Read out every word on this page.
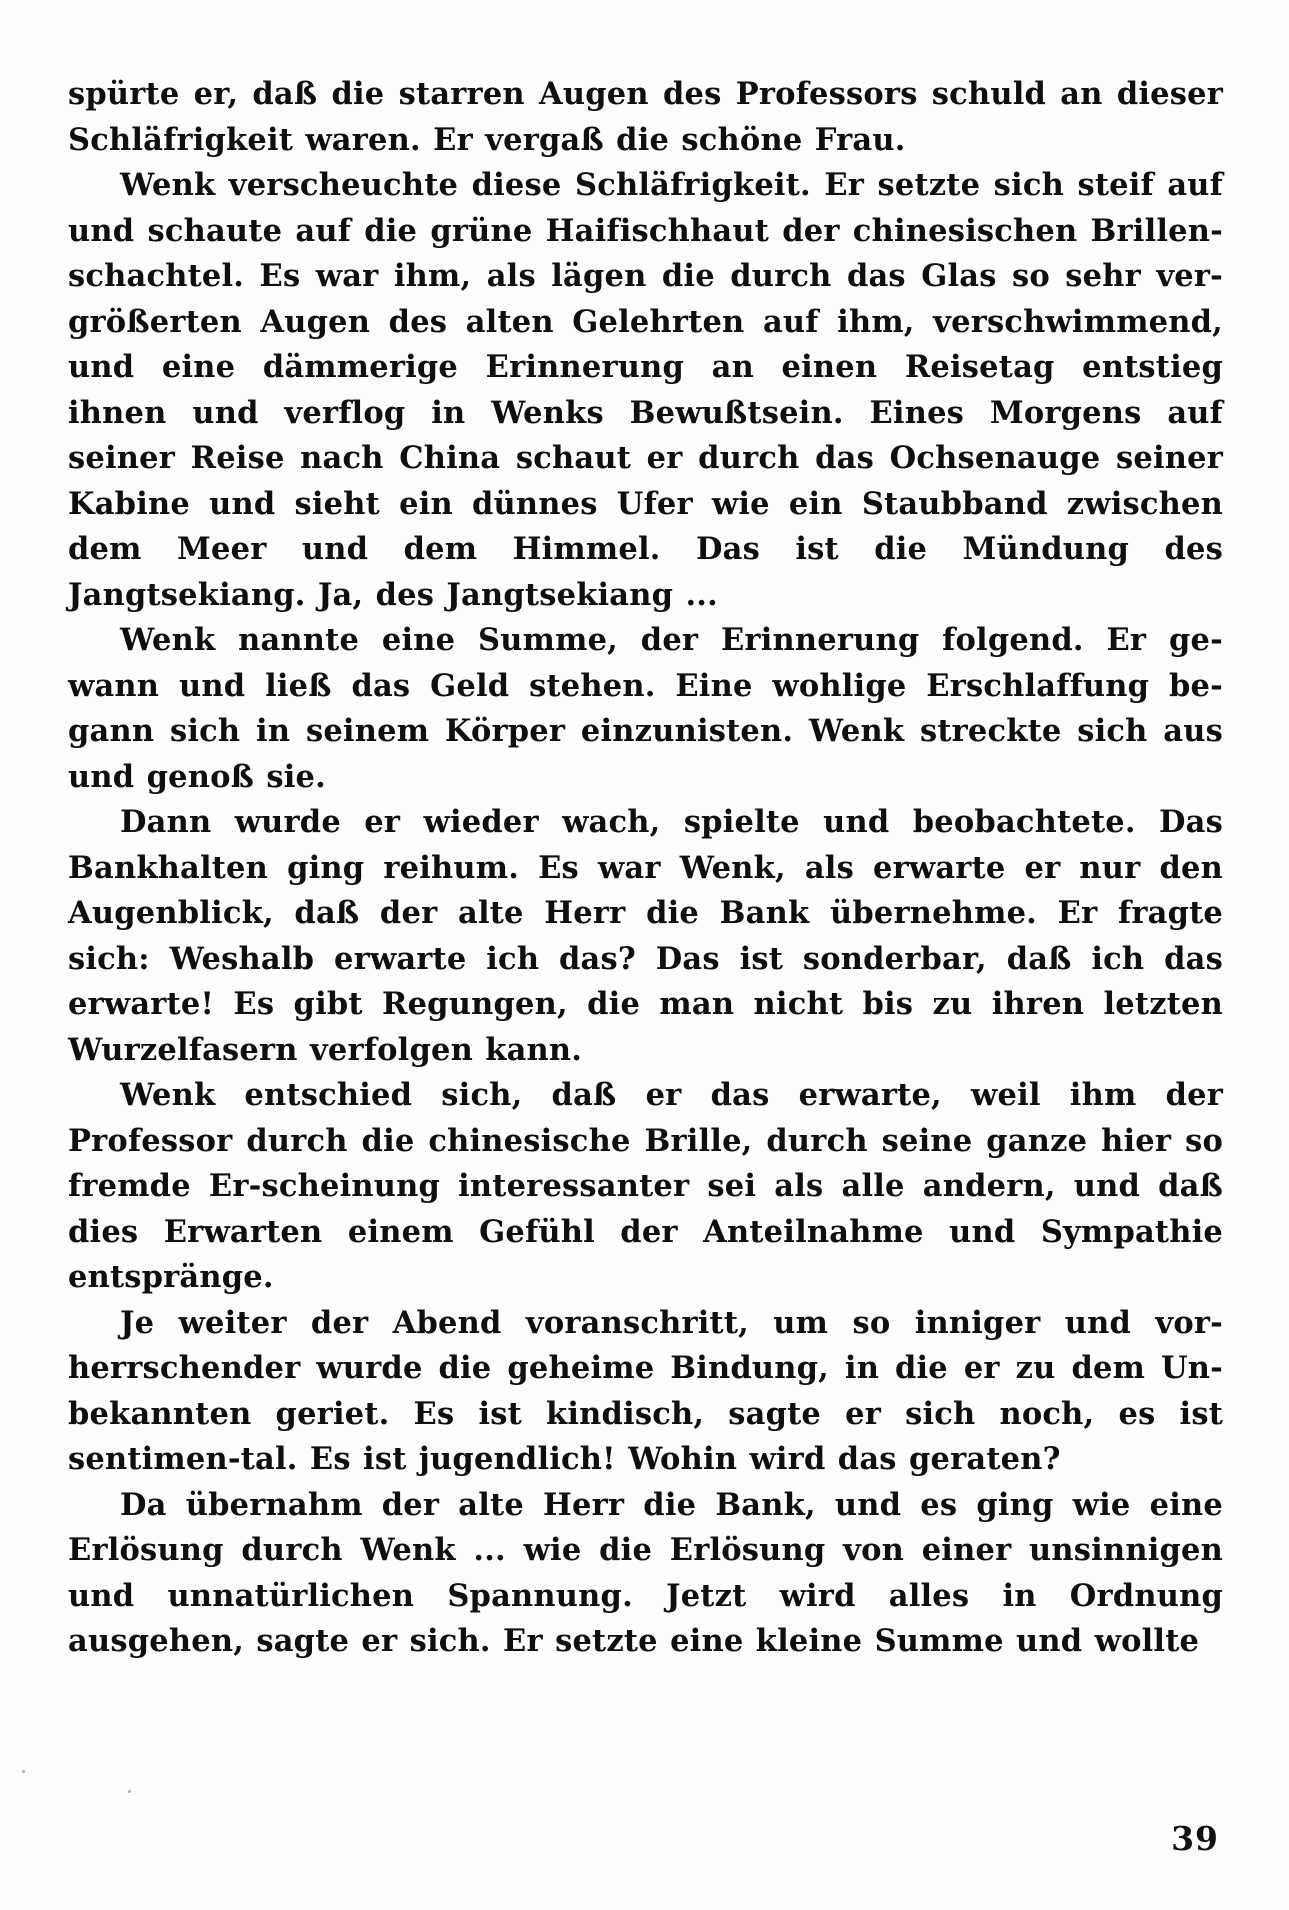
spürte er, daß die starren Augen des Professors schuld an dieser Schläfrigkeit waren. Er vergaß die schöne Frau.

Wenk verscheuchte diese Schläfrigkeit. Er setzte sich steif auf und schaute auf die grüne Haifischhaut der chinesischen Brillen‐schachtel. Es war ihm, als lägen die durch das Glas so sehr ver‐größerten Augen des alten Gelehrten auf ihm, verschwimmend, und eine dämmerige Erinnerung an einen Reisetag entstieg ihnen und verflog in Wenks Bewußtsein. Eines Morgens auf seiner Reise nach China schaut er durch das Ochsenauge seiner Kabine und sieht ein dünnes Ufer wie ein Staubband zwischen dem Meer und dem Himmel. Das ist die Mündung des Jangtsekiang. Ja, des Jangtsekiang ...

Wenk nannte eine Summe, der Erinnerung folgend. Er ge‐wann und ließ das Geld stehen. Eine wohlige Erschlaffung be‐gann sich in seinem Körper einzunisten. Wenk streckte sich aus und genoß sie.

Dann wurde er wieder wach, spielte und beobachtete. Das Bankhalten ging reihum. Es war Wenk, als erwarte er nur den Augenblick, daß der alte Herr die Bank übernehme. Er fragte sich: Weshalb erwarte ich das? Das ist sonderbar, daß ich das erwarte! Es gibt Regungen, die man nicht bis zu ihren letzten Wurzelfasern verfolgen kann.

Wenk entschied sich, daß er das erwarte, weil ihm der Professor durch die chinesische Brille, durch seine ganze hier so fremde Er‐scheinung interessanter sei als alle andern, und daß dies Erwarten einem Gefühl der Anteilnahme und Sympathie entspränge.

Je weiter der Abend voranschritt, um so inniger und vor‐herrschender wurde die geheime Bindung, in die er zu dem Un‐bekannten geriet. Es ist kindisch, sagte er sich noch, es ist sentimen‐tal. Es ist jugendlich! Wohin wird das geraten?

Da übernahm der alte Herr die Bank, und es ging wie eine Erlösung durch Wenk ... wie die Erlösung von einer unsinnigen und unnatürlichen Spannung. Jetzt wird alles in Ordnung ausgehen, sagte er sich. Er setzte eine kleine Summe und wollte

39
